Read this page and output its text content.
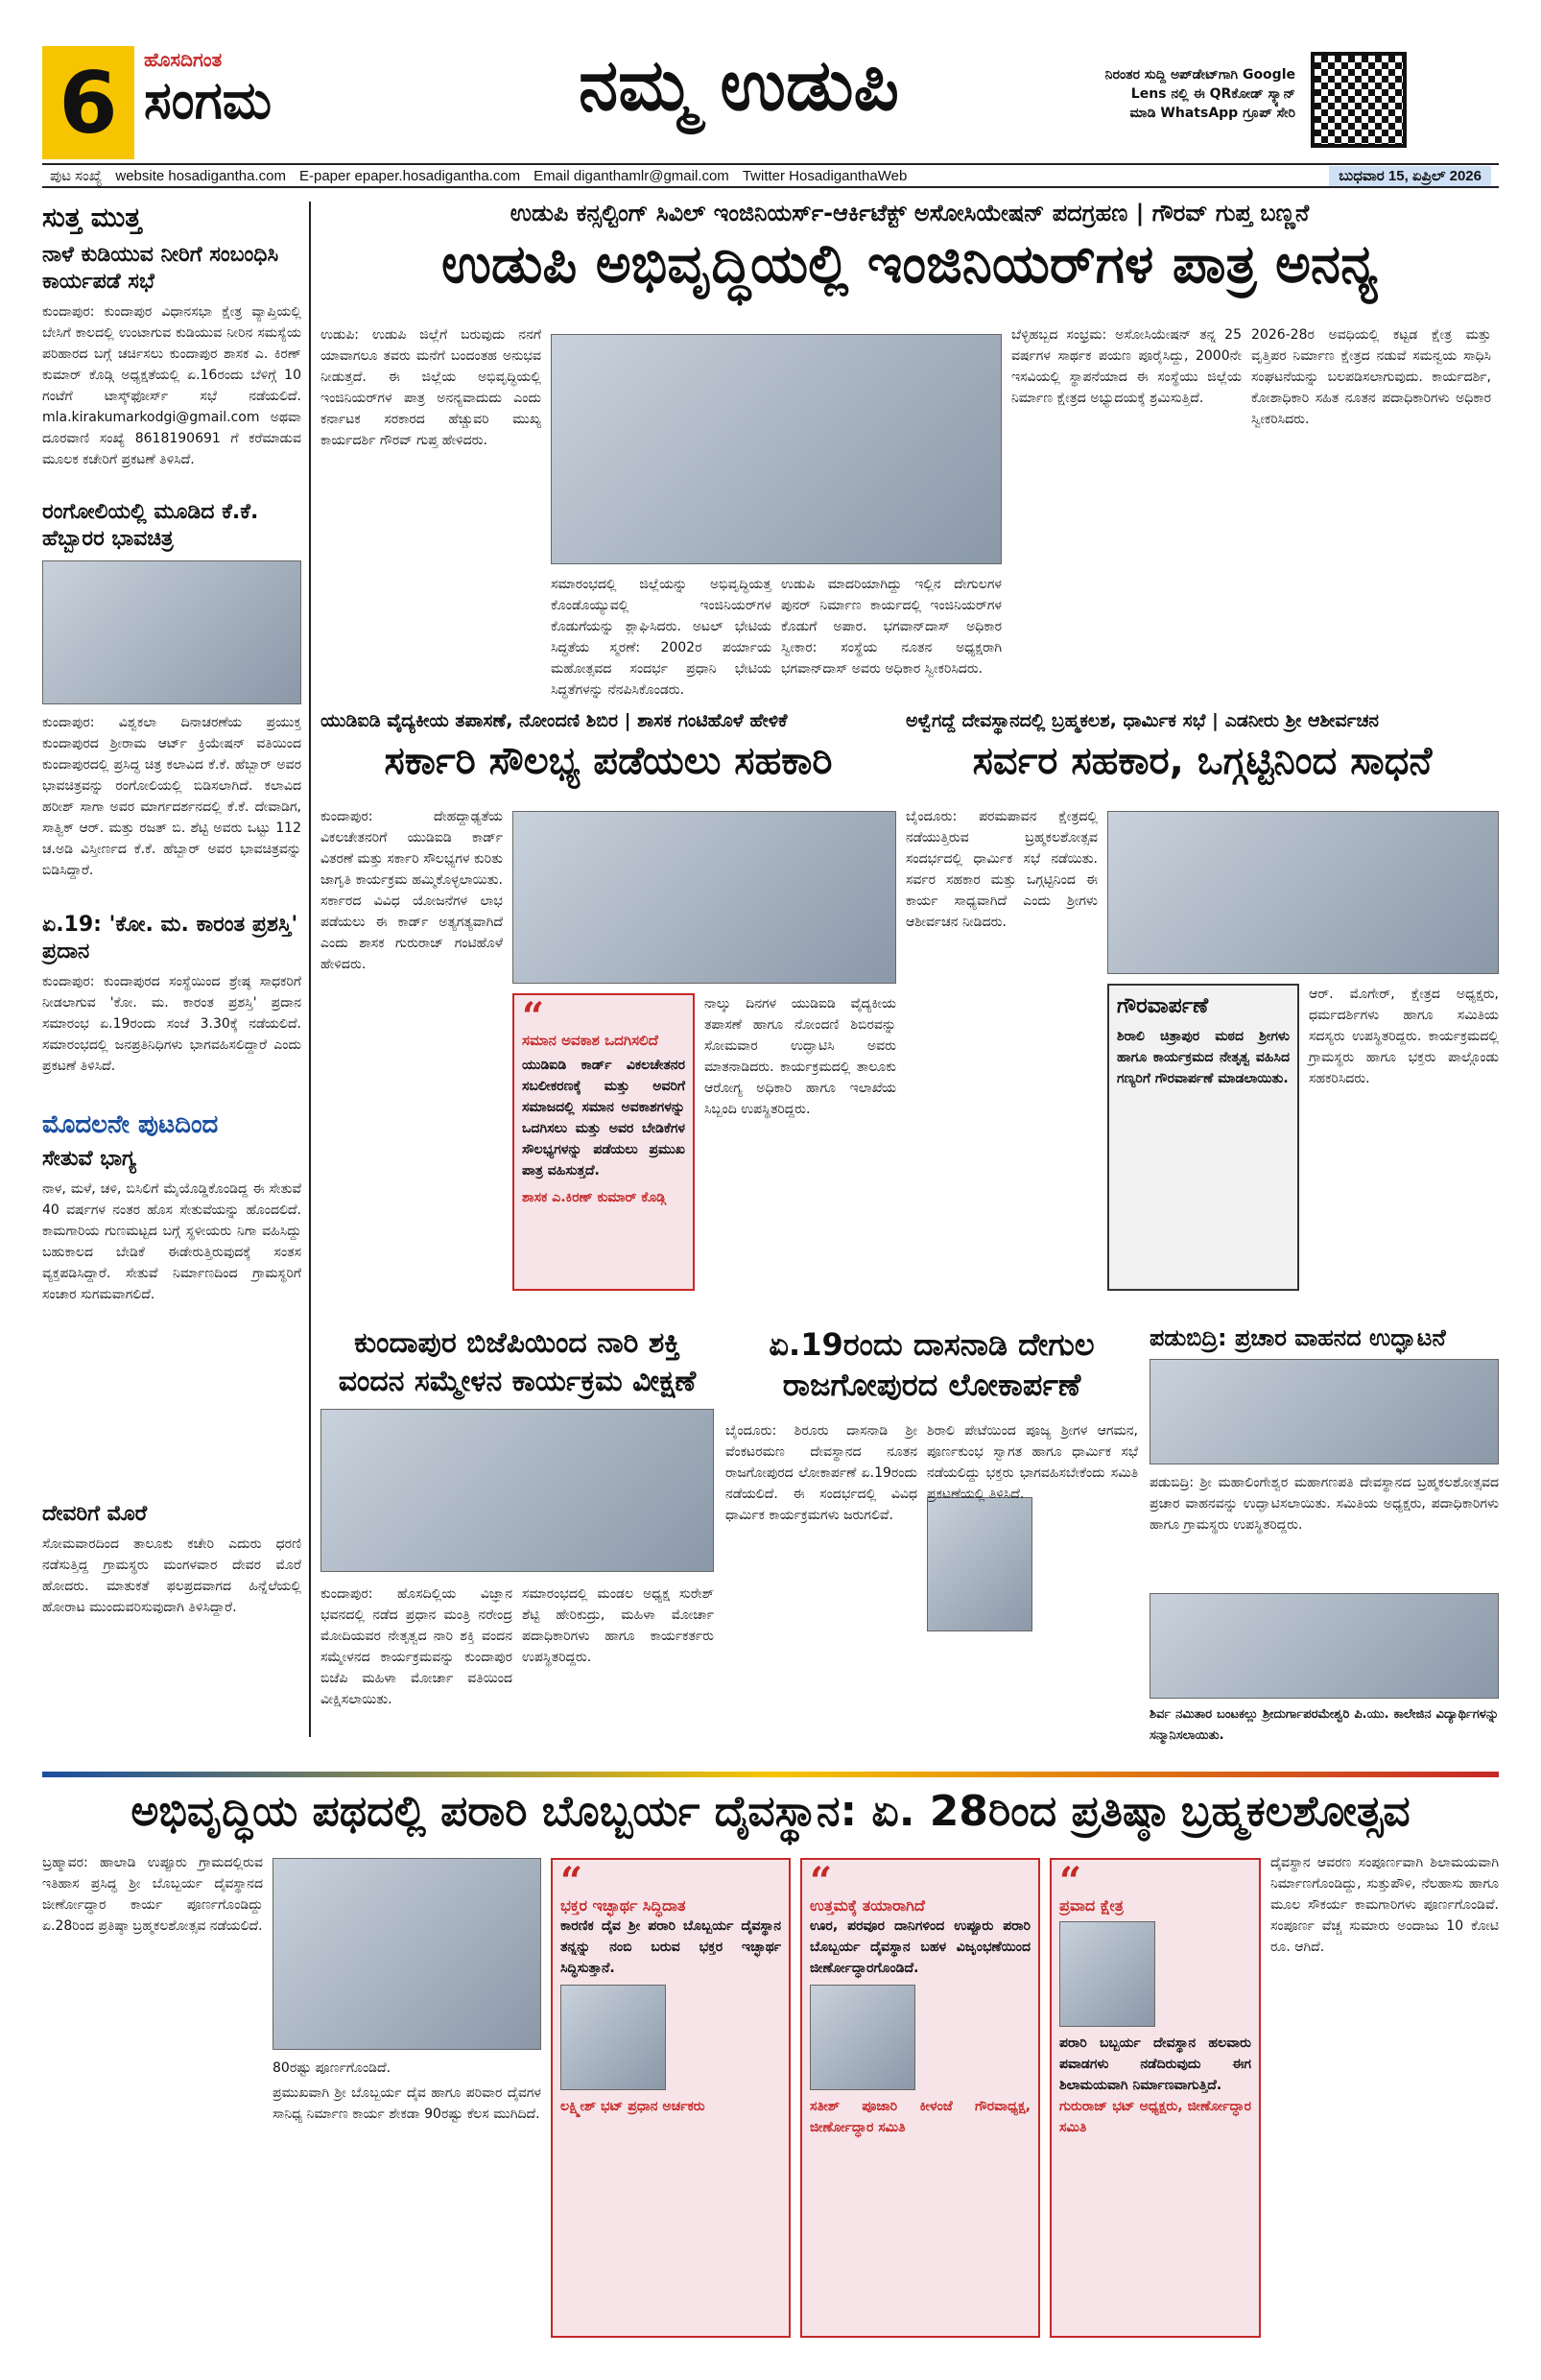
6	ಹೊಸದಿಗಂತ
ಸಂಗಮ	ನಮ್ಮ ಉಡುಪಿ	ನಿರಂತರ ಸುದ್ದಿ ಅಪ್‌ಡೇಟ್‌ಗಾಗಿ Google Lens ನಲ್ಲಿ ಈ QRಕೋಡ್ ಸ್ಕ್ಯಾನ್ ಮಾಡಿ WhatsApp ಗ್ರೂಪ್ ಸೇರಿ
ಪುಟ ಸಂಖ್ಯೆ website hosadigantha.com E-paper epaper.hosadigantha.com Email diganthamlr@gmail.com Twitter HosadiganthaWeb	ಬುಧವಾರ 15, ಏಪ್ರಿಲ್ 2026
ಸುತ್ತ ಮುತ್ತ
ನಾಳೆ ಕುಡಿಯುವ ನೀರಿಗೆ ಸಂಬಂಧಿಸಿ ಕಾರ್ಯಪಡೆ ಸಭೆ
ಕುಂದಾಪುರ: ಕುಂದಾಪುರ ವಿಧಾನಸಭಾ ಕ್ಷೇತ್ರ ವ್ಯಾಪ್ತಿಯಲ್ಲಿ ಬೇಸಿಗೆ ಕಾಲದಲ್ಲಿ ಉಂಟಾಗುವ ಕುಡಿಯುವ ನೀರಿನ ಸಮಸ್ಯೆಯ ಪರಿಹಾರದ ಬಗ್ಗೆ ಚರ್ಚಿಸಲು ಕುಂದಾಪುರ ಶಾಸಕ ಎ. ಕಿರಣ್ ಕುಮಾರ್ ಕೊಡ್ಗಿ ಅಧ್ಯಕ್ಷತೆಯಲ್ಲಿ ಏ.16ರಂದು ಬೆಳಿಗ್ಗೆ 10 ಗಂಟೆಗೆ ಟಾಸ್ಕ್‌ಫೋರ್ಸ್ ಸಭೆ ನಡೆಯಲಿದೆ. mla.kirakumarkodgi@gmail.com ಅಥವಾ ದೂರವಾಣಿ ಸಂಖ್ಯೆ 8618190691 ಗೆ ಕರೆಮಾಡುವ ಮೂಲಕ ಕಚೇರಿಗೆ ಪ್ರಕಟಣೆ ತಿಳಿಸಿದೆ.
ರಂಗೋಲಿಯಲ್ಲಿ ಮೂಡಿದ ಕೆ.ಕೆ. ಹೆಬ್ಬಾರರ ಭಾವಚಿತ್ರ
ಕುಂದಾಪುರ: ವಿಶ್ವಕಲಾ ದಿನಾಚರಣೆಯ ಪ್ರಯುಕ್ತ ಕುಂದಾಪುರದ ಶ್ರೀರಾಮ ಆರ್ಟ್ ಕ್ರಿಯೇಷನ್ ವತಿಯಿಂದ ಕುಂದಾಪುರದಲ್ಲಿ ಪ್ರಸಿದ್ಧ ಚಿತ್ರ ಕಲಾವಿದ ಕೆ.ಕೆ. ಹೆಬ್ಬಾರ್ ಅವರ ಭಾವಚಿತ್ರವನ್ನು ರಂಗೋಲಿಯಲ್ಲಿ ಬಿಡಿಸಲಾಗಿದೆ. ಕಲಾವಿದ ಹರೀಶ್ ಸಾಗಾ ಅವರ ಮಾರ್ಗದರ್ಶನದಲ್ಲಿ ಕೆ.ಕೆ. ದೇವಾಡಿಗ, ಸಾತ್ವಿಕ್ ಆರ್. ಮತ್ತು ರಜತ್ ಬಿ. ಶೆಟ್ಟಿ ಅವರು ಒಟ್ಟು 112 ಚ.ಅಡಿ ವಿಸ್ತೀರ್ಣದ ಕೆ.ಕೆ. ಹೆಬ್ಬಾರ್ ಅವರ ಭಾವಚಿತ್ರವನ್ನು ಬಿಡಿಸಿದ್ದಾರೆ.
ಏ.19: 'ಕೋ. ಮ. ಕಾರಂತ ಪ್ರಶಸ್ತಿ' ಪ್ರದಾನ
ಕುಂದಾಪುರ: ಕುಂದಾಪುರದ ಸಂಸ್ಥೆಯಿಂದ ಶ್ರೇಷ್ಠ ಸಾಧಕರಿಗೆ ನೀಡಲಾಗುವ 'ಕೋ. ಮ. ಕಾರಂತ ಪ್ರಶಸ್ತಿ' ಪ್ರದಾನ ಸಮಾರಂಭ ಏ.19ರಂದು ಸಂಜೆ 3.30ಕ್ಕೆ ನಡೆಯಲಿದೆ. ಸಮಾರಂಭದಲ್ಲಿ ಜನಪ್ರತಿನಿಧಿಗಳು ಭಾಗವಹಿಸಲಿದ್ದಾರೆ ಎಂದು ಪ್ರಕಟಣೆ ತಿಳಿಸಿದೆ.
ಮೊದಲನೇ ಪುಟದಿಂದ
ಸೇತುವೆ ಭಾಗ್ಯ
ನಾಳ, ಮಳೆ, ಚಳಿ, ಬಿಸಿಲಿಗೆ ಮೈಯೊಡ್ಡಿಕೊಂಡಿದ್ದ ಈ ಸೇತುವೆ 40 ವರ್ಷಗಳ ನಂತರ ಹೊಸ ಸೇತುವೆಯನ್ನು ಹೊಂದಲಿದೆ. ಕಾಮಗಾರಿಯ ಗುಣಮಟ್ಟದ ಬಗ್ಗೆ ಸ್ಥಳೀಯರು ನಿಗಾ ವಹಿಸಿದ್ದು ಬಹುಕಾಲದ ಬೇಡಿಕೆ ಈಡೇರುತ್ತಿರುವುದಕ್ಕೆ ಸಂತಸ ವ್ಯಕ್ತಪಡಿಸಿದ್ದಾರೆ. ಸೇತುವೆ ನಿರ್ಮಾಣದಿಂದ ಗ್ರಾಮಸ್ಥರಿಗೆ ಸಂಚಾರ ಸುಗಮವಾಗಲಿದೆ.
ದೇವರಿಗೆ ಮೊರೆ
ಸೋಮವಾರದಿಂದ ತಾಲೂಕು ಕಚೇರಿ ಎದುರು ಧರಣಿ ನಡೆಸುತ್ತಿದ್ದ ಗ್ರಾಮಸ್ಥರು ಮಂಗಳವಾರ ದೇವರ ಮೊರೆ ಹೋದರು. ಮಾತುಕತೆ ಫಲಪ್ರದವಾಗದ ಹಿನ್ನೆಲೆಯಲ್ಲಿ ಹೋರಾಟ ಮುಂದುವರಿಸುವುದಾಗಿ ತಿಳಿಸಿದ್ದಾರೆ.
ಉಡುಪಿ ಕನ್ಸಲ್ಟಿಂಗ್ ಸಿವಿಲ್ ಇಂಜಿನಿಯರ್ಸ್-ಆರ್ಕಿಟೆಕ್ಟ್ ಅಸೋಸಿಯೇಷನ್ ಪದಗ್ರಹಣ | ಗೌರವ್ ಗುಪ್ತ ಬಣ್ಣನೆ
ಉಡುಪಿ ಅಭಿವೃದ್ಧಿಯಲ್ಲಿ ಇಂಜಿನಿಯರ್‌ಗಳ ಪಾತ್ರ ಅನನ್ಯ
ಉಡುಪಿ: ಉಡುಪಿ ಜಿಲ್ಲೆಗೆ ಬರುವುದು ನನಗೆ ಯಾವಾಗಲೂ ತವರು ಮನೆಗೆ ಬಂದಂತಹ ಅನುಭವ ನೀಡುತ್ತದೆ. ಈ ಜಿಲ್ಲೆಯ ಅಭಿವೃದ್ಧಿಯಲ್ಲಿ ಇಂಜಿನಿಯರ್‌ಗಳ ಪಾತ್ರ ಅನನ್ಯವಾದುದು ಎಂದು ಕರ್ನಾಟಕ ಸರಕಾರದ ಹೆಚ್ಚುವರಿ ಮುಖ್ಯ ಕಾರ್ಯದರ್ಶಿ ಗೌರವ್ ಗುಪ್ತ ಹೇಳಿದರು.
ಸಮಾರಂಭದಲ್ಲಿ ಜಿಲ್ಲೆಯನ್ನು ಅಭಿವೃದ್ಧಿಯತ್ತ ಕೊಂಡೊಯ್ಯುವಲ್ಲಿ ಇಂಜಿನಿಯರ್‌ಗಳ ಕೊಡುಗೆಯನ್ನು ಶ್ಲಾಘಿಸಿದರು. ಅಟಲ್ ಭೇಟಿಯ ಸಿದ್ಧತೆಯ ಸ್ಮರಣೆ: 2002ರ ಪರ್ಯಾಯ ಮಹೋತ್ಸವದ ಸಂದರ್ಭ ಪ್ರಧಾನಿ ಭೇಟಿಯ ಸಿದ್ಧತೆಗಳನ್ನು ನೆನಪಿಸಿಕೊಂಡರು.
ಉಡುಪಿ ಮಾದರಿಯಾಗಿದ್ದು ಇಲ್ಲಿನ ದೇಗುಲಗಳ ಪುನರ್ ನಿರ್ಮಾಣ ಕಾರ್ಯದಲ್ಲಿ ಇಂಜಿನಿಯರ್‌ಗಳ ಕೊಡುಗೆ ಅಪಾರ. ಭಗವಾನ್‌ದಾಸ್ ಅಧಿಕಾರ ಸ್ವೀಕಾರ: ಸಂಸ್ಥೆಯ ನೂತನ ಅಧ್ಯಕ್ಷರಾಗಿ ಭಗವಾನ್‌ದಾಸ್ ಅವರು ಅಧಿಕಾರ ಸ್ವೀಕರಿಸಿದರು.
ಬೆಳ್ಳಿಹಬ್ಬದ ಸಂಭ್ರಮ: ಅಸೋಸಿಯೇಷನ್ ತನ್ನ 25 ವರ್ಷಗಳ ಸಾರ್ಥಕ ಪಯಣ ಪೂರೈಸಿದ್ದು, 2000ನೇ ಇಸವಿಯಲ್ಲಿ ಸ್ಥಾಪನೆಯಾದ ಈ ಸಂಸ್ಥೆಯು ಜಿಲ್ಲೆಯ ನಿರ್ಮಾಣ ಕ್ಷೇತ್ರದ ಅಭ್ಯುದಯಕ್ಕೆ ಶ್ರಮಿಸುತ್ತಿದೆ.
2026-28ರ ಅವಧಿಯಲ್ಲಿ ಕಟ್ಟಡ ಕ್ಷೇತ್ರ ಮತ್ತು ವೃತ್ತಿಪರ ನಿರ್ಮಾಣ ಕ್ಷೇತ್ರದ ನಡುವೆ ಸಮನ್ವಯ ಸಾಧಿಸಿ ಸಂಘಟನೆಯನ್ನು ಬಲಪಡಿಸಲಾಗುವುದು. ಕಾರ್ಯದರ್ಶಿ, ಕೋಶಾಧಿಕಾರಿ ಸಹಿತ ನೂತನ ಪದಾಧಿಕಾರಿಗಳು ಅಧಿಕಾರ ಸ್ವೀಕರಿಸಿದರು.
ಯುಡಿಐಡಿ ವೈದ್ಯಕೀಯ ತಪಾಸಣೆ, ನೋಂದಣಿ ಶಿಬಿರ | ಶಾಸಕ ಗಂಟಿಹೊಳೆ ಹೇಳಿಕೆ
ಸರ್ಕಾರಿ ಸೌಲಭ್ಯ ಪಡೆಯಲು ಸಹಕಾರಿ
ಕುಂದಾಪುರ: ದೇಹದ್ದಾಢ್ಯತೆಯ ವಿಕಲಚೇತನರಿಗೆ ಯುಡಿಐಡಿ ಕಾರ್ಡ್ ವಿತರಣೆ ಮತ್ತು ಸರ್ಕಾರಿ ಸೌಲಭ್ಯಗಳ ಕುರಿತು ಜಾಗೃತಿ ಕಾರ್ಯಕ್ರಮ ಹಮ್ಮಿಕೊಳ್ಳಲಾಯಿತು. ಸರ್ಕಾರದ ವಿವಿಧ ಯೋಜನೆಗಳ ಲಾಭ ಪಡೆಯಲು ಈ ಕಾರ್ಡ್ ಅತ್ಯಗತ್ಯವಾಗಿದೆ ಎಂದು ಶಾಸಕ ಗುರುರಾಜ್ ಗಂಟಿಹೊಳೆ ಹೇಳಿದರು.
“
ಸಮಾನ ಅವಕಾಶ ಒದಗಿಸಲಿದೆ
ಯುಡಿಐಡಿ ಕಾರ್ಡ್ ವಿಕಲಚೇತನರ ಸಬಲೀಕರಣಕ್ಕೆ ಮತ್ತು ಅವರಿಗೆ ಸಮಾಜದಲ್ಲಿ ಸಮಾನ ಅವಕಾಶಗಳನ್ನು ಒದಗಿಸಲು ಮತ್ತು ಅವರ ಬೇಡಿಕೆಗಳ ಸೌಲಭ್ಯಗಳನ್ನು ಪಡೆಯಲು ಪ್ರಮುಖ ಪಾತ್ರ ವಹಿಸುತ್ತದೆ.
ಶಾಸಕ ಎ.ಕಿರಣ್ ಕುಮಾರ್ ಕೊಡ್ಗಿ
ನಾಲ್ಕು ದಿನಗಳ ಯುಡಿಐಡಿ ವೈದ್ಯಕೀಯ ತಪಾಸಣೆ ಹಾಗೂ ನೋಂದಣಿ ಶಿಬಿರವನ್ನು ಸೋಮವಾರ ಉದ್ಘಾಟಿಸಿ ಅವರು ಮಾತನಾಡಿದರು. ಕಾರ್ಯಕ್ರಮದಲ್ಲಿ ತಾಲೂಕು ಆರೋಗ್ಯ ಅಧಿಕಾರಿ ಹಾಗೂ ಇಲಾಖೆಯ ಸಿಬ್ಬಂದಿ ಉಪಸ್ಥಿತರಿದ್ದರು.
ಅಳ್ವೆಗದ್ದೆ ದೇವಸ್ಥಾನದಲ್ಲಿ ಬ್ರಹ್ಮಕಲಶ, ಧಾರ್ಮಿಕ ಸಭೆ | ಎಡನೀರು ಶ್ರೀ ಆಶೀರ್ವಚನ
ಸರ್ವರ ಸಹಕಾರ, ಒಗ್ಗಟ್ಟಿನಿಂದ ಸಾಧನೆ
ಬೈಂದೂರು: ಪರಮಪಾವನ ಕ್ಷೇತ್ರದಲ್ಲಿ ನಡೆಯುತ್ತಿರುವ ಬ್ರಹ್ಮಕಲಶೋತ್ಸವ ಸಂದರ್ಭದಲ್ಲಿ ಧಾರ್ಮಿಕ ಸಭೆ ನಡೆಯಿತು. ಸರ್ವರ ಸಹಕಾರ ಮತ್ತು ಒಗ್ಗಟ್ಟಿನಿಂದ ಈ ಕಾರ್ಯ ಸಾಧ್ಯವಾಗಿದೆ ಎಂದು ಶ್ರೀಗಳು ಆಶೀರ್ವಚನ ನೀಡಿದರು.
ಗೌರವಾರ್ಪಣೆ
ಶಿರಾಲಿ ಚಿತ್ರಾಪುರ ಮಠದ ಶ್ರೀಗಳು ಹಾಗೂ ಕಾರ್ಯಕ್ರಮದ ನೇತೃತ್ವ ವಹಿಸಿದ ಗಣ್ಯರಿಗೆ ಗೌರವಾರ್ಪಣೆ ಮಾಡಲಾಯಿತು.
ಆರ್. ಮೊಗೇರ್, ಕ್ಷೇತ್ರದ ಅಧ್ಯಕ್ಷರು, ಧರ್ಮದರ್ಶಿಗಳು ಹಾಗೂ ಸಮಿತಿಯ ಸದಸ್ಯರು ಉಪಸ್ಥಿತರಿದ್ದರು. ಕಾರ್ಯಕ್ರಮದಲ್ಲಿ ಗ್ರಾಮಸ್ಥರು ಹಾಗೂ ಭಕ್ತರು ಪಾಲ್ಗೊಂಡು ಸಹಕರಿಸಿದರು.
ಕುಂದಾಪುರ ಬಿಜೆಪಿಯಿಂದ ನಾರಿ ಶಕ್ತಿ ವಂದನ ಸಮ್ಮೇಳನ ಕಾರ್ಯಕ್ರಮ ವೀಕ್ಷಣೆ
ಕುಂದಾಪುರ: ಹೊಸದಿಲ್ಲಿಯ ವಿಜ್ಞಾನ ಭವನದಲ್ಲಿ ನಡೆದ ಪ್ರಧಾನ ಮಂತ್ರಿ ನರೇಂದ್ರ ಮೋದಿಯವರ ನೇತೃತ್ವದ ನಾರಿ ಶಕ್ತಿ ವಂದನ ಸಮ್ಮೇಳನದ ಕಾರ್ಯಕ್ರಮವನ್ನು ಕುಂದಾಪುರ ಬಿಜೆಪಿ ಮಹಿಳಾ ಮೋರ್ಚಾ ವತಿಯಿಂದ ವೀಕ್ಷಿಸಲಾಯಿತು.
ಸಮಾರಂಭದಲ್ಲಿ ಮಂಡಲ ಅಧ್ಯಕ್ಷ ಸುರೇಶ್ ಶೆಟ್ಟಿ ಹೇರಿಕುದ್ರು, ಮಹಿಳಾ ಮೋರ್ಚಾ ಪದಾಧಿಕಾರಿಗಳು ಹಾಗೂ ಕಾರ್ಯಕರ್ತರು ಉಪಸ್ಥಿತರಿದ್ದರು.
ಏ.19ರಂದು ದಾಸನಾಡಿ ದೇಗುಲ ರಾಜಗೋಪುರದ ಲೋಕಾರ್ಪಣೆ
ಬೈಂದೂರು: ಶಿರೂರು ದಾಸನಾಡಿ ಶ್ರೀ ವೆಂಕಟರಮಣ ದೇವಸ್ಥಾನದ ನೂತನ ರಾಜಗೋಪುರದ ಲೋಕಾರ್ಪಣೆ ಏ.19ರಂದು ನಡೆಯಲಿದೆ. ಈ ಸಂದರ್ಭದಲ್ಲಿ ವಿವಿಧ ಧಾರ್ಮಿಕ ಕಾರ್ಯಕ್ರಮಗಳು ಜರುಗಲಿವೆ.
ಶಿರಾಲಿ ಪೇಟೆಯಿಂದ ಪೂಜ್ಯ ಶ್ರೀಗಳ ಆಗಮನ, ಪೂರ್ಣಕುಂಭ ಸ್ವಾಗತ ಹಾಗೂ ಧಾರ್ಮಿಕ ಸಭೆ ನಡೆಯಲಿದ್ದು ಭಕ್ತರು ಭಾಗವಹಿಸಬೇಕೆಂದು ಸಮಿತಿ ಪ್ರಕಟಣೆಯಲ್ಲಿ ತಿಳಿಸಿದೆ.
ಪಡುಬಿದ್ರಿ: ಪ್ರಚಾರ ವಾಹನದ ಉದ್ಘಾಟನೆ
ಪಡುಬಿದ್ರಿ: ಶ್ರೀ ಮಹಾಲಿಂಗೇಶ್ವರ ಮಹಾಗಣಪತಿ ದೇವಸ್ಥಾನದ ಬ್ರಹ್ಮಕಲಶೋತ್ಸವದ ಪ್ರಚಾರ ವಾಹನವನ್ನು ಉದ್ಘಾಟಿಸಲಾಯಿತು. ಸಮಿತಿಯ ಅಧ್ಯಕ್ಷರು, ಪದಾಧಿಕಾರಿಗಳು ಹಾಗೂ ಗ್ರಾಮಸ್ಥರು ಉಪಸ್ಥಿತರಿದ್ದರು.
ಶಿರ್ವ ನಮಿತಾರ ಬಂಟಕಲ್ಲು ಶ್ರೀದುರ್ಗಾಪರಮೇಶ್ವರಿ ಪಿ.ಯು. ಕಾಲೇಜಿನ ವಿದ್ಯಾರ್ಥಿಗಳನ್ನು ಸನ್ಮಾನಿಸಲಾಯಿತು.
ಅಭಿವೃದ್ಧಿಯ ಪಥದಲ್ಲಿ ಪರಾರಿ ಬೊಬ್ಬರ್ಯ ದೈವಸ್ಥಾನ: ಏ. 28ರಿಂದ ಪ್ರತಿಷ್ಠಾ ಬ್ರಹ್ಮಕಲಶೋತ್ಸವ
ಬ್ರಹ್ಮಾವರ: ಹಾಲಾಡಿ ಉಪ್ಪೂರು ಗ್ರಾಮದಲ್ಲಿರುವ ಇತಿಹಾಸ ಪ್ರಸಿದ್ಧ ಶ್ರೀ ಬೊಬ್ಬರ್ಯ ದೈವಸ್ಥಾನದ ಜೀರ್ಣೋದ್ಧಾರ ಕಾರ್ಯ ಪೂರ್ಣಗೊಂಡಿದ್ದು ಏ.28ರಿಂದ ಪ್ರತಿಷ್ಠಾ ಬ್ರಹ್ಮಕಲಶೋತ್ಸವ ನಡೆಯಲಿದೆ.
80ರಷ್ಟು ಪೂರ್ಣಗೊಂಡಿದೆ.
ಪ್ರಮುಖವಾಗಿ ಶ್ರೀ ಬೊಬ್ಬರ್ಯ ದೈವ ಹಾಗೂ ಪರಿವಾರ ದೈವಗಳ ಸಾನಿಧ್ಯ ನಿರ್ಮಾಣ ಕಾರ್ಯ ಶೇಕಡಾ 90ರಷ್ಟು ಕೆಲಸ ಮುಗಿದಿದೆ.
“
ಭಕ್ತರ ಇಚ್ಛಾರ್ಥ ಸಿದ್ಧಿದಾತ
ಕಾರಣಿಕ ದೈವ ಶ್ರೀ ಪರಾರಿ ಬೊಬ್ಬರ್ಯ ದೈವಸ್ಥಾನ ತನ್ನನ್ನು ನಂಬಿ ಬರುವ ಭಕ್ತರ ಇಚ್ಛಾರ್ಥ ಸಿದ್ಧಿಸುತ್ತಾನೆ.
ಲಕ್ಷ್ಮೀಶ್ ಭಟ್ ಪ್ರಧಾನ ಅರ್ಚಕರು
“
ಉತ್ತಮಕ್ಕೆ ತಯಾರಾಗಿದೆ
ಊರ, ಪರವೂರ ದಾನಿಗಳಿಂದ ಉಪ್ಪೂರು ಪರಾರಿ ಬೊಬ್ಬರ್ಯ ದೈವಸ್ಥಾನ ಬಹಳ ವಿಜೃಂಭಣೆಯಿಂದ ಜೀರ್ಣೋದ್ಧಾರಗೊಂಡಿದೆ.
ಸತೀಶ್ ಪೂಜಾರಿ ಕೀಳಂಜೆ ಗೌರವಾಧ್ಯಕ್ಷ, ಜೀರ್ಣೋದ್ಧಾರ ಸಮಿತಿ
“
ಪ್ರವಾದ ಕ್ಷೇತ್ರ
ಪರಾರಿ ಬಬ್ಬರ್ಯ ದೇವಸ್ಥಾನ ಹಲವಾರು ಪವಾಡಗಳು ನಡೆದಿರುವುದು ಈಗ ಶಿಲಾಮಯವಾಗಿ ನಿರ್ಮಾಣವಾಗುತ್ತಿದೆ.
ಗುರುರಾಜ್ ಭಟ್ ಅಧ್ಯಕ್ಷರು, ಜೀರ್ಣೋದ್ಧಾರ ಸಮಿತಿ
ದೈವಸ್ಥಾನ ಆವರಣ ಸಂಪೂರ್ಣವಾಗಿ ಶಿಲಾಮಯವಾಗಿ ನಿರ್ಮಾಣಗೊಂಡಿದ್ದು, ಸುತ್ತುಪೌಳಿ, ನೆಲಹಾಸು ಹಾಗೂ ಮೂಲ ಸೌಕರ್ಯ ಕಾಮಗಾರಿಗಳು ಪೂರ್ಣಗೊಂಡಿವೆ. ಸಂಪೂರ್ಣ ವೆಚ್ಚ ಸುಮಾರು ಅಂದಾಜು 10 ಕೋಟಿ ರೂ. ಆಗಿದೆ.
